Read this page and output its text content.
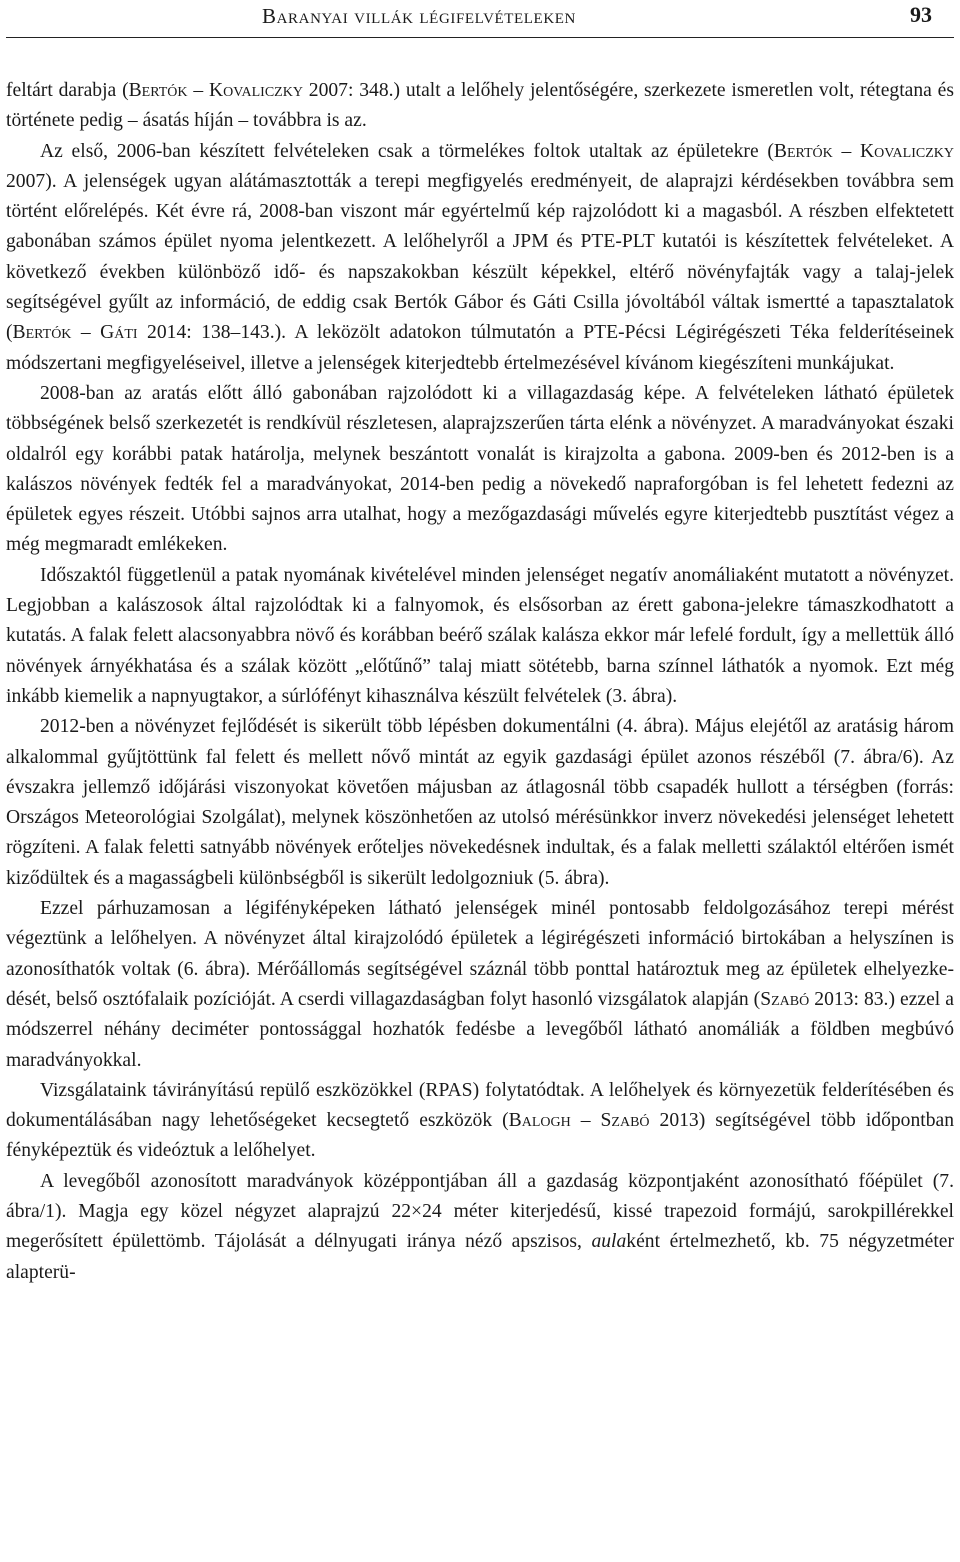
Baranyai villák légifelvételeken	93

feltárt darabja (Bertók – Kovaliczky 2007: 348.) utalt a lelőhely jelentőségére, szerkezete ismeretlen volt, rétegtana és története pedig – ásatás híján – továbbra is az.

Az első, 2006-ban készített felvételeken csak a törmelékes foltok utaltak az épületekre (Bertók – Kovaliczky 2007). A jelenségek ugyan alátámasztották a terepi megfigyelés eredményeit, de alaprajzi kérdésekben továbbra sem történt előrelépés. Két évre rá, 2008-ban viszont már egyértelmű kép rajzolódott ki a magasból. A részben elfektetett gabonában számos épület nyoma jelentkezett. A lelőhelyről a JPM és PTE-PLT kutatói is készítettek felvételeket. A következő években különböző idő- és napszakokban készült képekkel, eltérő növényfajták vagy a talaj-jelek segítségével gyűlt az információ, de eddig csak Bertók Gábor és Gáti Csilla jóvoltából váltak ismertté a tapasztalatok (Bertók – Gáti 2014: 138–143.). A leközölt adatokon túlmutatón a PTE-Pécsi Légirégészeti Téka felderítéseinek módszertani megfigyeléseivel, illetve a jelenségek kiterjedtebb értelmezésével kívánom kiegészíteni munkájukat.

2008-ban az aratás előtt álló gabonában rajzolódott ki a villagazdaság képe. A felvételeken látható épületek többségének belső szerkezetét is rendkívül részletesen, alaprajzszerűen tárta elénk a növényzet. A maradványokat északi oldalról egy korábbi patak határolja, melynek beszántott vonalát is kirajzolta a gabona. 2009-ben és 2012-ben is a kalászos növények fedték fel a maradványokat, 2014-ben pedig a növekedő napraforgóban is fel lehetett fedezni az épületek egyes részeit. Utóbbi sajnos arra utalhat, hogy a mezőgazdasági művelés egyre kiterjedtebb pusztítást végez a még megmaradt emlékeken.

Időszaktól függetlenül a patak nyomának kivételével minden jelenséget negatív anomáliaként mutatott a növényzet. Legjobban a kalászosok által rajzolódtak ki a falnyomok, és elsősorban az érett gabona-jelekre támaszkodhatott a kutatás. A falak felett alacsonyabbra növő és korábban beérő szálak kalásza ekkor már lefelé fordult, így a mellettük álló növények árnyékhatása és a szálak között „előtűnő” talaj miatt sötétebb, barna színnel láthatók a nyomok. Ezt még inkább kiemelik a napnyugtakor, a súrlófényt kihasználva készült felvételek (3. ábra).

2012-ben a növényzet fejlődését is sikerült több lépésben dokumentálni (4. ábra). Május elejétől az aratásig három alkalommal gyűjtöttünk fal felett és mellett nővő mintát az egyik gazdasági épület azonos részéből (7. ábra/6). Az évszakra jellemző időjárási viszonyokat követően májusban az átlagosnál több csapadék hullott a térségben (forrás: Országos Meteorológiai Szolgálat), melynek köszönhetően az utolsó mérésünkkor inverz növekedési jelenséget lehetett rögzíteni. A falak feletti satnyább növények erőteljes növekedésnek indultak, és a falak melletti szálaktól eltérően ismét kiződültek és a magasságbeli különbségből is sikerült ledolgozniuk (5. ábra).

Ezzel párhuzamosan a légifényképeken látható jelenségek minél pontosabb feldolgozásához terepi mérést végeztünk a lelőhelyen. A növényzet által kirajzolódó épületek a légirégészeti információ birtokában a helyszínen is azonosíthatók voltak (6. ábra). Mérőállomás segítségével száznál több ponttal határoztuk meg az épületek elhelyezkedését, belső osztófalaik pozícióját. A cserdi villagazdaságban folyt hasonló vizsgálatok alapján (Szabó 2013: 83.) ezzel a módszerrel néhány deciméter pontossággal hozhatók fedésbe a levegőből látható anomáliák a földben megbúvó maradványokkal.

Vizsgálataink távirányítású repülő eszközökkel (RPAS) folytatódtak. A lelőhelyek és környezetük felderítésében és dokumentálásában nagy lehetőségeket kecsegtető eszközök (Balogh – Szabó 2013) segítségével több időpontban fényképeztük és videóztuk a lelőhelyet.

A levegőből azonosított maradványok középpontjában áll a gazdaság központjaként azonosítható főépület (7. ábra/1). Magja egy közel négyzet alaprajzú 22×24 méter kiterjedésű, kissé trapezoid formájú, sarokpillérekkel megerősített épülettömb. Tájolását a délnyugati iránya néző apszisos, aulaként értelmezhető, kb. 75 négyzetméter alapterü-
